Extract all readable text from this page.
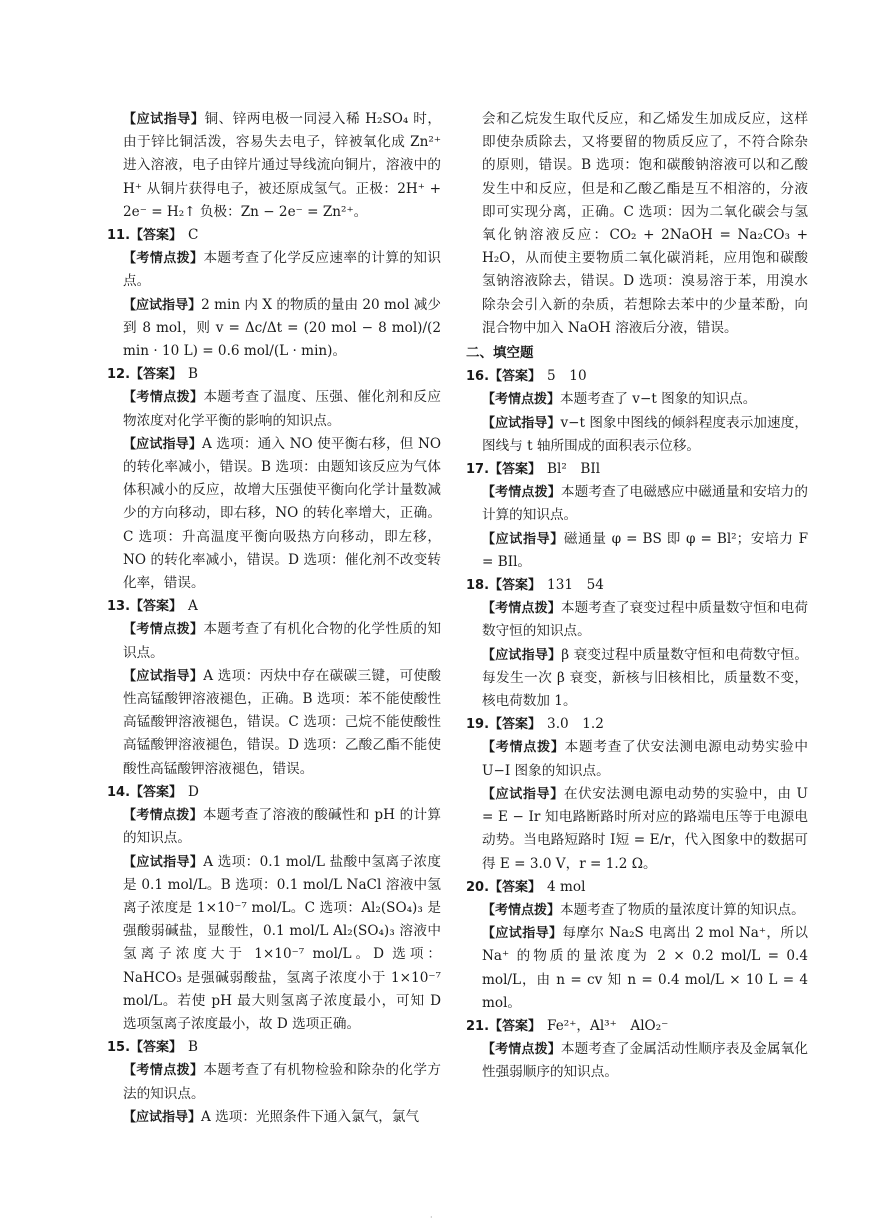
【应试指导】铜、锌两电极一同浸入稀 H₂SO₄ 时，由于锌比铜活泼，容易失去电子，锌被氧化成 Zn²⁺ 进入溶液，电子由锌片通过导线流向铜片，溶液中的 H⁺ 从铜片获得电子，被还原成氢气。正极：2H⁺ + 2e⁻ = H₂↑ 负极：Zn − 2e⁻ = Zn²⁺。

11.【答案】 C

【考情点拨】本题考查了化学反应速率的计算的知识点。

【应试指导】2 min 内 X 的物质的量由 20 mol 减少到 8 mol，则 v = Δc/Δt = (20 mol − 8 mol)/(2 min · 10 L) = 0.6 mol/(L · min)。

12.【答案】 B

【考情点拨】本题考查了温度、压强、催化剂和反应物浓度对化学平衡的影响的知识点。

【应试指导】A 选项：通入 NO 使平衡右移，但 NO 的转化率减小，错误。B 选项：由题知该反应为气体体积减小的反应，故增大压强使平衡向化学计量数减少的方向移动，即右移，NO 的转化率增大，正确。C 选项：升高温度平衡向吸热方向移动，即左移，NO 的转化率减小，错误。D 选项：催化剂不改变转化率，错误。

13.【答案】 A

【考情点拨】本题考查了有机化合物的化学性质的知识点。

【应试指导】A 选项：丙炔中存在碳碳三键，可使酸性高锰酸钾溶液褪色，正确。B 选项：苯不能使酸性高锰酸钾溶液褪色，错误。C 选项：己烷不能使酸性高锰酸钾溶液褪色，错误。D 选项：乙酸乙酯不能使酸性高锰酸钾溶液褪色，错误。

14.【答案】 D

【考情点拨】本题考查了溶液的酸碱性和 pH 的计算的知识点。

【应试指导】A 选项：0.1 mol/L 盐酸中氢离子浓度是 0.1 mol/L。B 选项：0.1 mol/L NaCl 溶液中氢离子浓度是 1×10⁻⁷ mol/L。C 选项：Al₂(SO₄)₃ 是强酸弱碱盐，显酸性，0.1 mol/L Al₂(SO₄)₃ 溶液中氢离子浓度大于 1×10⁻⁷ mol/L。D 选项：NaHCO₃ 是强碱弱酸盐，氢离子浓度小于 1×10⁻⁷ mol/L。若使 pH 最大则氢离子浓度最小，可知 D 选项氢离子浓度最小，故 D 选项正确。

15.【答案】 B

【考情点拨】本题考查了有机物检验和除杂的化学方法的知识点。

【应试指导】A 选项：光照条件下通入氯气，氯气

会和乙烷发生取代反应，和乙烯发生加成反应，这样即使杂质除去，又将要留的物质反应了，不符合除杂的原则，错误。B 选项：饱和碳酸钠溶液可以和乙酸发生中和反应，但是和乙酸乙酯是互不相溶的，分液即可实现分离，正确。C 选项：因为二氧化碳会与氢氧化钠溶液反应：CO₂ + 2NaOH = Na₂CO₃ + H₂O，从而使主要物质二氧化碳消耗，应用饱和碳酸氢钠溶液除去，错误。D 选项：溴易溶于苯，用溴水除杂会引入新的杂质，若想除去苯中的少量苯酚，向混合物中加入 NaOH 溶液后分液，错误。

二、填空题

16.【答案】 5　10

【考情点拨】本题考查了 v−t 图象的知识点。

【应试指导】v−t 图象中图线的倾斜程度表示加速度，图线与 t 轴所围成的面积表示位移。

17.【答案】 Bl²　BIl

【考情点拨】本题考查了电磁感应中磁通量和安培力的计算的知识点。

【应试指导】磁通量 φ = BS 即 φ = Bl²；安培力 F = BIl。

18.【答案】 131　54

【考情点拨】本题考查了衰变过程中质量数守恒和电荷数守恒的知识点。

【应试指导】β 衰变过程中质量数守恒和电荷数守恒。每发生一次 β 衰变，新核与旧核相比，质量数不变，核电荷数加 1。

19.【答案】 3.0　1.2

【考情点拨】本题考查了伏安法测电源电动势实验中 U−I 图象的知识点。

【应试指导】在伏安法测电源电动势的实验中，由 U = E − Ir 知电路断路时所对应的路端电压等于电源电动势。当电路短路时 I短 = E/r，代入图象中的数据可得 E = 3.0 V，r = 1.2 Ω。

20.【答案】 4 mol

【考情点拨】本题考查了物质的量浓度计算的知识点。

【应试指导】每摩尔 Na₂S 电离出 2 mol Na⁺，所以 Na⁺ 的物质的量浓度为 2 × 0.2 mol/L = 0.4 mol/L，由 n = cv 知 n = 0.4 mol/L × 10 L = 4 mol。

21.【答案】 Fe²⁺，Al³⁺　AlO₂⁻

【考情点拨】本题考查了金属活动性顺序表及金属氧化性强弱顺序的知识点。

·
